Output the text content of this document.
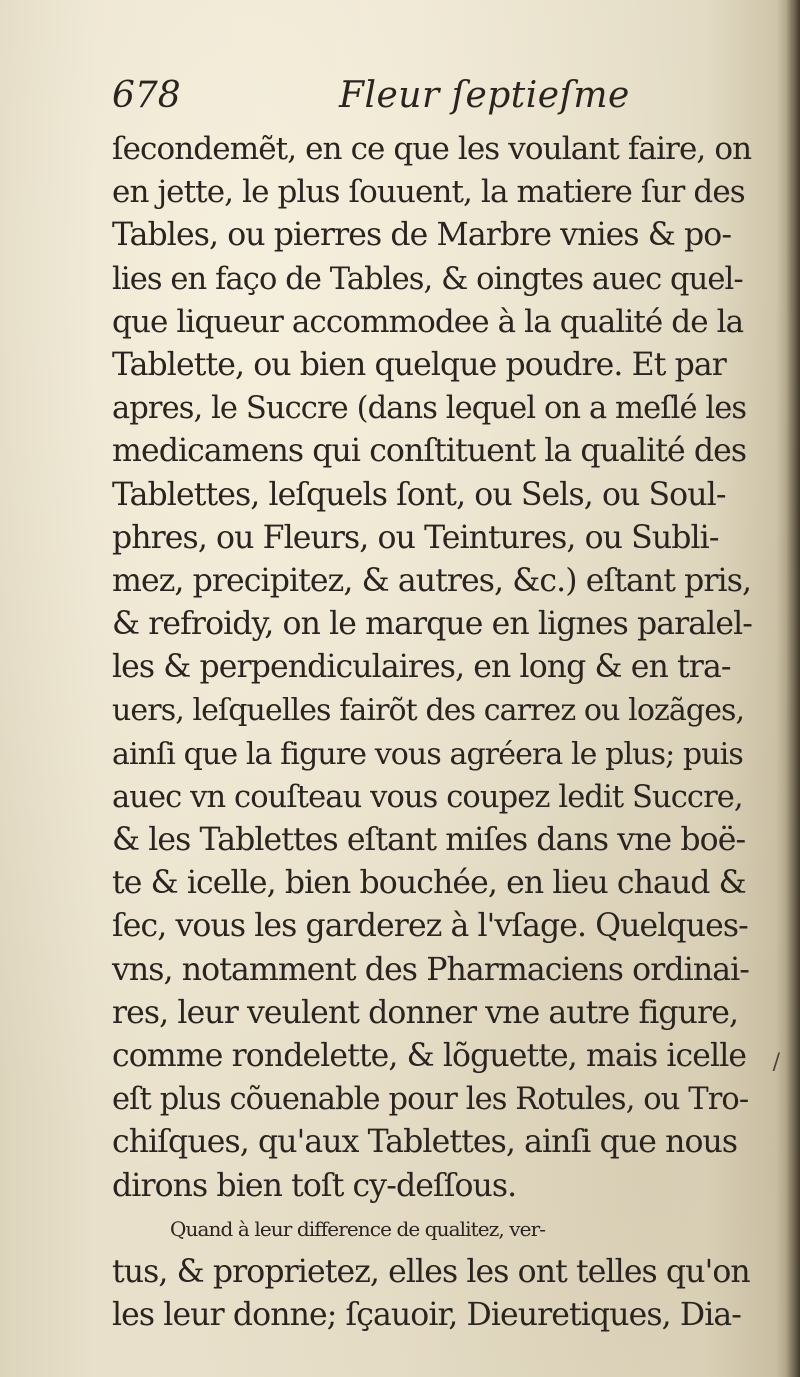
678	Fleur ſeptieſme
ſecondemẽt, en ce que les voulant faire, on
en jette, le plus ſouuent, la matiere ſur des
Tables, ou pierres de Marbre vnies & po-
lies en faço de Tables, & oingtes auec quel-
que liqueur accommodee à la qualité de la
Tablette, ou bien quelque poudre. Et par
apres, le Succre (dans lequel on a meſlé les
medicamens qui conſtituent la qualité des
Tablettes, leſquels ſont, ou Sels, ou Soul-
phres, ou Fleurs, ou Teintures, ou Subli-
mez, precipitez, & autres, &c.) eſtant pris,
& refroidy, on le marque en lignes paralel-
les & perpendiculaires, en long & en tra-
uers, leſquelles fairõt des carrez ou lozãges,
ainſi que la figure vous agréera le plus; puis
auec vn couſteau vous coupez ledit Succre,
& les Tablettes eſtant miſes dans vne boë-
te & icelle, bien bouchée, en lieu chaud &
ſec, vous les garderez à l'vſage. Quelques-
vns, notamment des Pharmaciens ordinai-
res, leur veulent donner vne autre figure,
comme rondelette, & lõguette, mais icelle
eſt plus cõuenable pour les Rotules, ou Tro-
chiſques, qu'aux Tablettes, ainſi que nous
dirons bien toſt cy-deſſous.
Quand à leur difference de qualitez, ver-
tus, & proprietez, elles les ont telles qu'on
les leur donne; ſçauoir, Dieuretiques, Dia-
/
